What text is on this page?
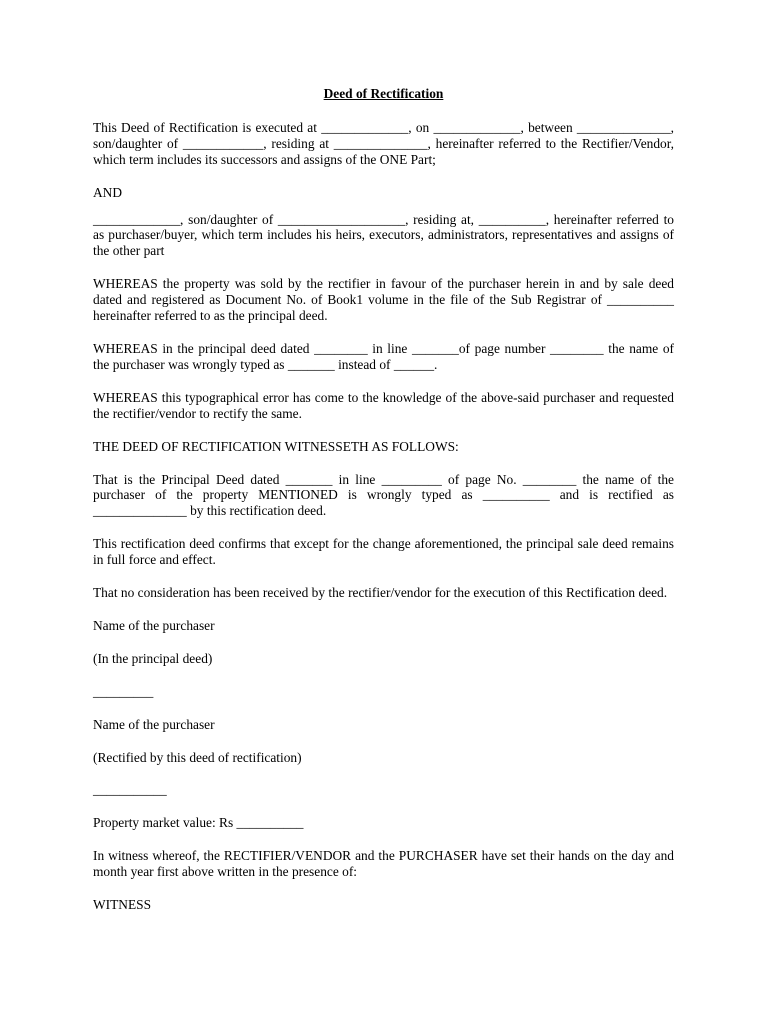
Deed of Rectification
This Deed of Rectification is executed at _____________, on _____________, between ______________, son/daughter of ____________, residing at ______________, hereinafter referred to the Rectifier/Vendor, which term includes its successors and assigns of the ONE Part;
AND
_____________, son/daughter of ___________________, residing at, __________, hereinafter referred to as purchaser/buyer, which term includes his heirs, executors, administrators, representatives and assigns of the other part
WHEREAS the property was sold by the rectifier in favour of the purchaser herein in and by sale deed dated and registered as Document No. of Book1 volume in the file of the Sub Registrar of __________ hereinafter referred to as the principal deed.
WHEREAS in the principal deed dated ________ in line _______of page number ________ the name of the purchaser was wrongly typed as _______ instead of ______.
WHEREAS this typographical error has come to the knowledge of the above-said purchaser and requested the rectifier/vendor to rectify the same.
THE DEED OF RECTIFICATION WITNESSETH AS FOLLOWS:
That is the Principal Deed dated _______ in line _________ of page No. ________ the name of the purchaser of the property MENTIONED is wrongly typed as __________ and is rectified as ______________ by this rectification deed.
This rectification deed confirms that except for the change aforementioned, the principal sale deed remains in full force and effect.
That no consideration has been received by the rectifier/vendor for the execution of this Rectification deed.
Name of the purchaser
(In the principal deed)
_________
Name of the purchaser
(Rectified by this deed of rectification)
___________
Property market value: Rs __________
In witness whereof, the RECTIFIER/VENDOR and the PURCHASER have set their hands on the day and month year first above written in the presence of:
WITNESS
